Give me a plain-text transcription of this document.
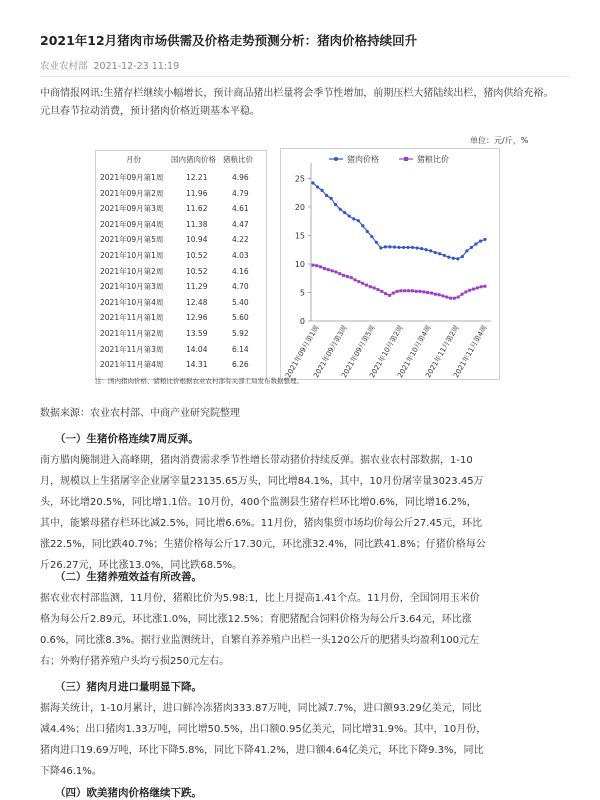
2021年12月猪肉市场供需及价格走势预测分析：猪肉价格持续回升
农业农村部 2021-12-23 11:19
中商情报网讯:生猪存栏继续小幅增长，预计商品猪出栏量将会季节性增加，前期压栏大猪陆续出栏，猪肉供给充裕。元旦春节拉动消费，预计猪肉价格近期基本平稳。
单位：元/斤，%
月份	国内猪肉价格 猪粮比价
2021年09月第1周	12.21	4.96
2021年09月第2周	11.96	4.79
2021年09月第3周	11.62	4.61
2021年09月第4周	11.38	4.47
2021年09月第5周	10.94	4.22
2021年10月第1周	10.52	4.03
2021年10月第2周	10.52	4.16
2021年10月第3周	11.29	4.70
2021年10月第4周	12.48	5.40
2021年11月第1周	12.96	5.60
2021年11月第2周	13.59	5.92
2021年11月第3周	14.04	6.14
2021年11月第4周	14.31	6.26
0
5
10
15
20
25
2021年09月第1周
2021年09月第3周
2021年09月第5周
2021年10月第2周
2021年10月第4周
2021年11月第2周
2021年11月第4周
猪肉价格	猪粮比价
注：国内猪肉价格、猪粮比价根据农业农村部有关部工局发布数据整理。
数据来源：农业农村部、中商产业研究院整理
（一）生猪价格连续7周反弹。
南方腊肉腌制进入高峰期，猪肉消费需求季节性增长带动猪价持续反弹。据农业农村部数据，1-10
月，规模以上生猪屠宰企业屠宰量23135.65万头，同比增84.1%，其中，10月份屠宰量3023.45万
头，环比增20.5%，同比增1.1倍。10月份，400个监测县生猪存栏环比增0.6%，同比增16.2%，
其中，能繁母猪存栏环比减2.5%，同比增6.6%。11月份，猪肉集贸市场均价每公斤27.45元，环比
涨22.5%，同比跌40.7%；生猪价格每公斤17.30元，环比涨32.4%，同比跌41.8%；仔猪价格每公
斤26.27元，环比涨13.0%，同比跌68.5%。
（二）生猪养殖效益有所改善。
据农业农村部监测，11月份，猪粮比价为5.98:1，比上月提高1.41个点。11月份，全国饲用玉米价
格为每公斤2.89元，环比涨1.0%，同比涨12.5%；育肥猪配合饲料价格为每公斤3.64元，环比涨
0.6%，同比涨8.3%。据行业监测统计，自繁自养养殖户出栏一头120公斤的肥猪头均盈利100元左
右；外购仔猪养殖户头均亏损250元左右。
（三）猪肉月进口量明显下降。
据海关统计，1-10月累计，进口鲜冷冻猪肉333.87万吨，同比减7.7%，进口额93.29亿美元，同比
减4.4%；出口猪肉1.33万吨，同比增50.5%，出口额0.95亿美元，同比增31.9%。其中，10月份，
猪肉进口19.69万吨，环比下降5.8%，同比下降41.2%，进口额4.64亿美元，环比下降9.3%，同比
下降46.1%。
（四）欧美猪肉价格继续下跌。
